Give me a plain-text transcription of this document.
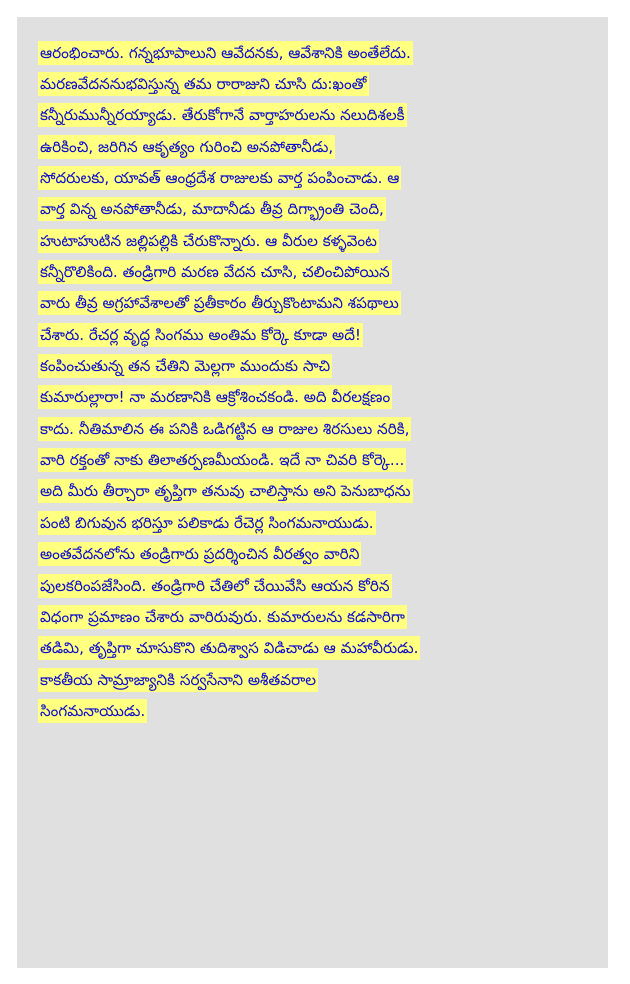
ఆరంభించారు. గన్నభూపాలుని ఆవేదనకు, ఆవేశానికి అంతేలేదు.
మరణవేదననుభవిస్తున్న తమ రారాజుని చూసి దు:ఖంతో
కన్నీరుమున్నీరయ్యాడు. తేరుకోగానే వార్తాహరులను నలుదిశలకీ
ఉరికించి, జరిగిన ఆకృత్యం గురించి అనపోతానీడు,
సోదరులకు, యావత్ ఆంధ్రదేశ రాజులకు వార్త పంపించాడు. ఆ
వార్త విన్న అనపోతానీడు, మాదానీడు తీవ్ర దిగ్భ్రాంతి చెంది,
హుటాహుటిన జల్లిపల్లికి చేరుకొన్నారు. ఆ వీరుల కళ్ళవెంట
కన్నీరొలికింది. తండ్రిగారి మరణ వేదన చూసి, చలించిపోయిన
వారు తీవ్ర అగ్రహావేశాలతో ప్రతీకారం తీర్చుకొంటామని శపథాలు
చేశారు. రేచర్ల వృద్ధ సింగము అంతిమ కోర్కె కూడా అదే!
కంపించుతున్న తన చేతిని మెల్లగా ముందుకు సాచి
కుమారుల్లారా! నా మరణానికి ఆక్రోశించకండి. అది వీరలక్షణం
కాదు. నీతిమాలిన ఈ పనికి ఒడిగట్టిన ఆ రాజుల శిరసులు నరికి,
వారి రక్తంతో నాకు తిలాతర్పణమీయండి. ఇదే నా చివరి కోర్కె...
అది మీరు తీర్చారా తృప్తిగా తనువు చాలిస్తాను అని పెనుబాధను
పంటి బిగువున భరిస్తూ పలికాడు రేచెర్ల సింగమనాయుడు.
అంతవేదనలోను తండ్రిగారు ప్రదర్శించిన వీరత్వం వారిని
పులకరింపజేసింది. తండ్రిగారి చేతిలో చేయివేసి ఆయన కోరిన
విధంగా ప్రమాణం చేశారు వారిరువురు. కుమారులను కడసారిగా
తడిమి, తృప్తిగా చూసుకొని తుదిశ్వాస విడిచాడు ఆ మహావీరుడు.
కాకతీయ సామ్రాజ్యానికి సర్వసేనాని అశీతవరాల
సింగమనాయుడు.
